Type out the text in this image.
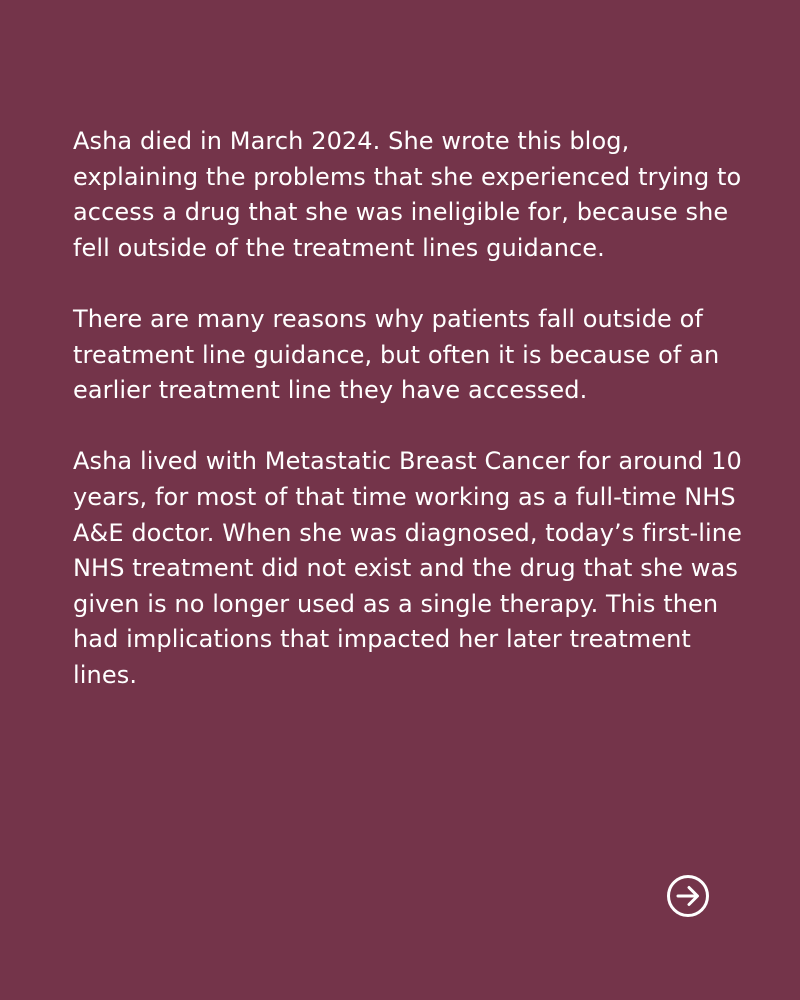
Asha died in March 2024. She wrote this blog, explaining the problems that she experienced trying to access a drug that she was ineligible for, because she fell outside of the treatment lines guidance.

There are many reasons why patients fall outside of treatment line guidance, but often it is because of an earlier treatment line they have accessed.

Asha lived with Metastatic Breast Cancer for around 10 years, for most of that time working as a full-time NHS A&E doctor. When she was diagnosed, today’s first-line NHS treatment did not exist and the drug that she was given is no longer used as a single therapy. This then had implications that impacted her later treatment lines.
